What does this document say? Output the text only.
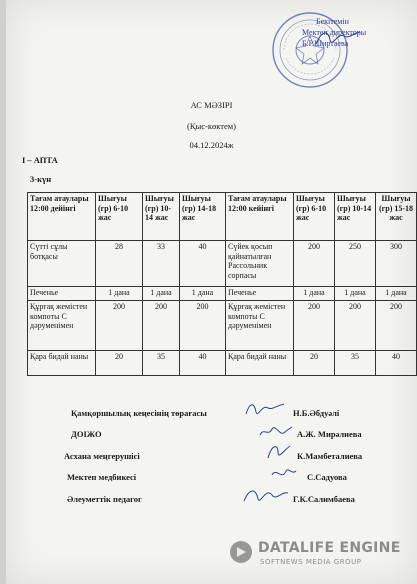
Бекітемін
Мектеп директоры
Б.Р.Ширтаева
АС МӘЗІРІ
(Қыс-көктем)
04.12.2024ж
I – АПТА
3-күн
Тағам атаулары 12:00 дейінгі	Шығуы (гр) 6-10 жас	Шығуы (гр) 10-14 жас	Шығуы (гр) 14-18 жас	Тағам атаулары 12:00 кейінгі	Шығуы (гр) 6-10 жас	Шығуы (гр) 10-14 жас	Шығуы (гр) 15-18 жас
Сүтті сұлы ботқасы	28	33	40	Сүйек қосып қайнатылған Рассольник сорпасы	200	250	300
Печенье	1 дана	1 дана	1 дана	Печенье	1 дана	1 дана	1 дана
Құрғақ жемістен компоты С дәруменімен	200	200	200	Құрғақ жемістен компоты С дәруменімен	200	200	200
Қара бидай наны	20	35	40	Қара бидай наны	20	35	40
Қамқоршылық кеңесінің төрағасы	Н.Б.Әбдуәлі
ДОІЖО	А.Ж. Мирәлиева
Асхана меңгерушісі	К.Мамбеталиева
Мектеп медбикесі	С.Садуова
Әлеуметтік педагог	Г.К.Салимбаева
DATALIFE ENGINE
SOFTNEWS MEDIA GROUP
